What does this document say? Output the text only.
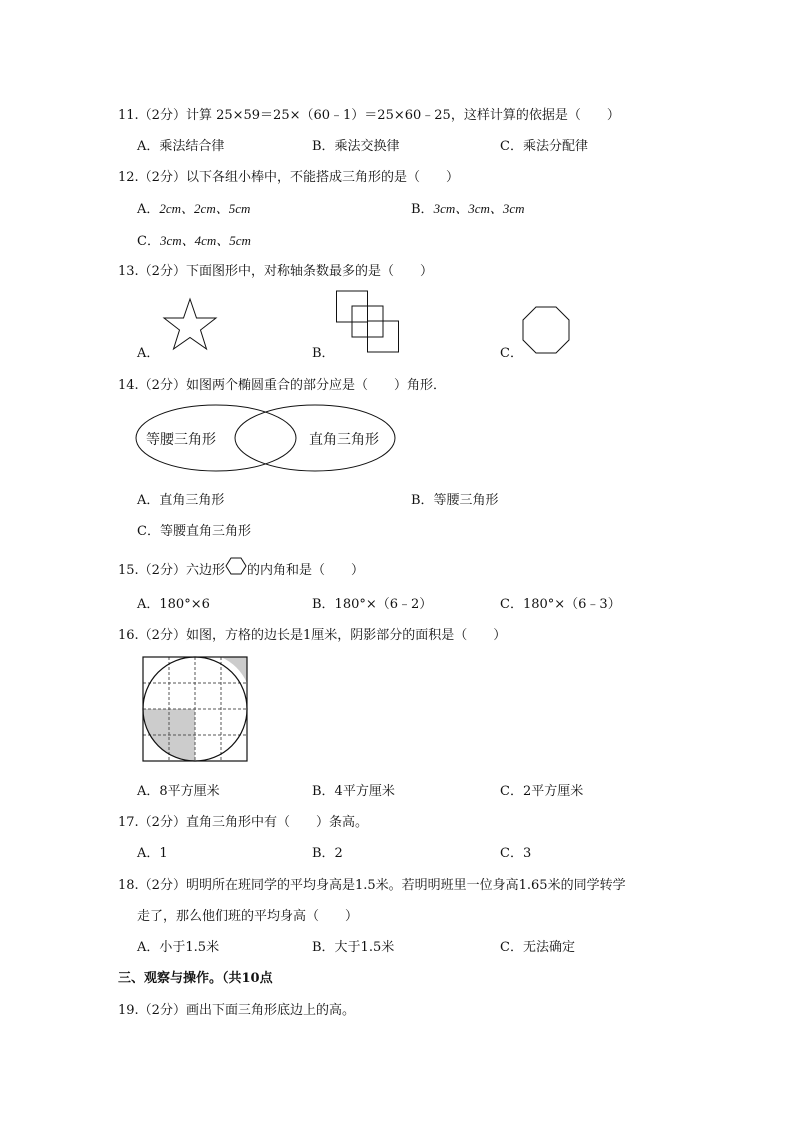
11.（2分）计算 25×59＝25×（60﹣1）＝25×60﹣25，这样计算的依据是（　　）
A．乘法结合律	B．乘法交换律	C．乘法分配律
12.（2分）以下各组小棒中，不能搭成三角形的是（　　）
A．2cm、2cm、5cm	B．3cm、3cm、3cm
C．3cm、4cm、5cm
13.（2分）下面图形中，对称轴条数最多的是（　　）
A．	B．	C．
14.（2分）如图两个椭圆重合的部分应是（　　）角形．
等腰三角形	直角三角形
A．直角三角形	B．等腰三角形
C．等腰直角三角形
15.（2分）六边形 的内角和是（　　）
A．180°×6	B．180°×（6﹣2）	C．180°×（6﹣3）
16.（2分）如图，方格的边长是1厘米，阴影部分的面积是（　　）
A．8平方厘米	B．4平方厘米	C．2平方厘米
17.（2分）直角三角形中有（　　）条高。
A．1	B．2	C．3
18.（2分）明明所在班同学的平均身高是1.5米。若明明班里一位身高1.65米的同学转学
走了，那么他们班的平均身高（　　）
A．小于1.5米	B．大于1.5米	C．无法确定
三、观察与操作。（共10点
19.（2分）画出下面三角形底边上的高。
